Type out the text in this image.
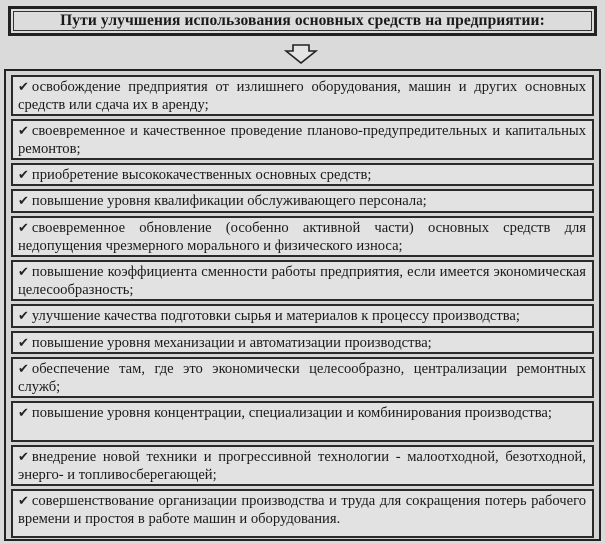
Пути улучшения использования основных средств на предприятии:
✔ освобождение предприятия от излишнего оборудования, машин и других основных средств или сдача их в аренду;
✔ своевременное и качественное проведение планово-предупредительных и капитальных ремонтов;
✔ приобретение высококачественных основных средств;
✔ повышение уровня квалификации обслуживающего персонала;
✔ своевременное обновление (особенно активной части) основных средств для недопущения чрезмерного морального и физического износа;
✔ повышение коэффициента сменности работы предприятия, если имеется экономическая целесообразность;
✔ улучшение качества подготовки сырья и материалов к процессу производства;
✔ повышение уровня механизации и автоматизации производства;
✔ обеспечение там, где это экономически целесообразно, централизации ремонтных служб;
✔ повышение уровня концентрации, специализации и комбинирования производства;
✔ внедрение новой техники и прогрессивной технологии - малоотходной, безотходной, энерго- и топливосберегающей;
✔ совершенствование организации производства и труда для сокращения потерь рабочего времени и простоя в работе машин и оборудования.
